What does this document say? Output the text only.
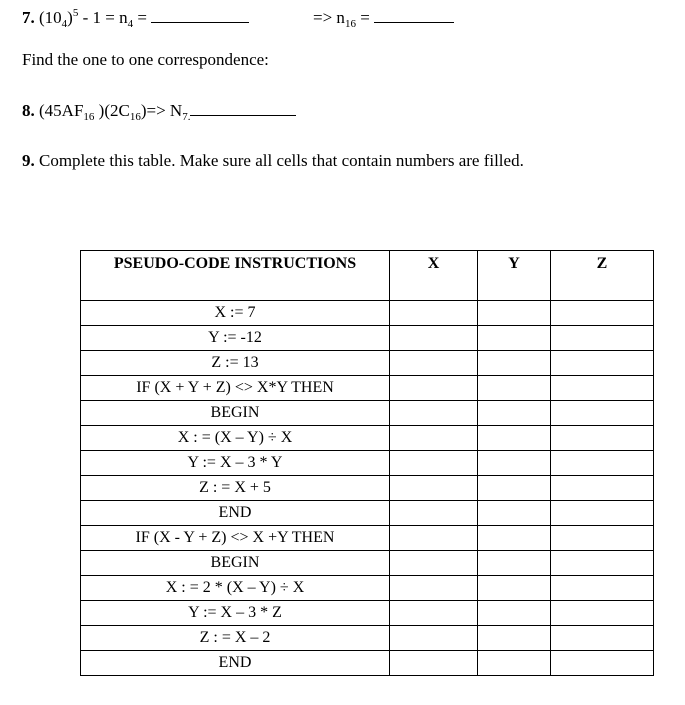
7. $(10_4)^5 - 1 = n_4$ =	=> $n_{16}$ =
Find the one to one correspondence:
8. ($45AF_{16}$ )$(2C_{16})=> N_{7.}$
9. Complete this table. Make sure all cells that contain numbers are filled.
PSEUDO-CODE INSTRUCTIONS	X	Y	Z
X := 7			
Y := -12			
Z := 13			
IF (X + Y + Z) <> X*Y THEN			
BEGIN			
X : = (X – Y) ÷ X			
Y := X – 3 * Y			
Z : = X + 5			
END			
IF (X - Y + Z) <> X +Y THEN			
BEGIN			
X : = 2 * (X – Y) ÷ X			
Y := X – 3 * Z			
Z : = X – 2			
END			
